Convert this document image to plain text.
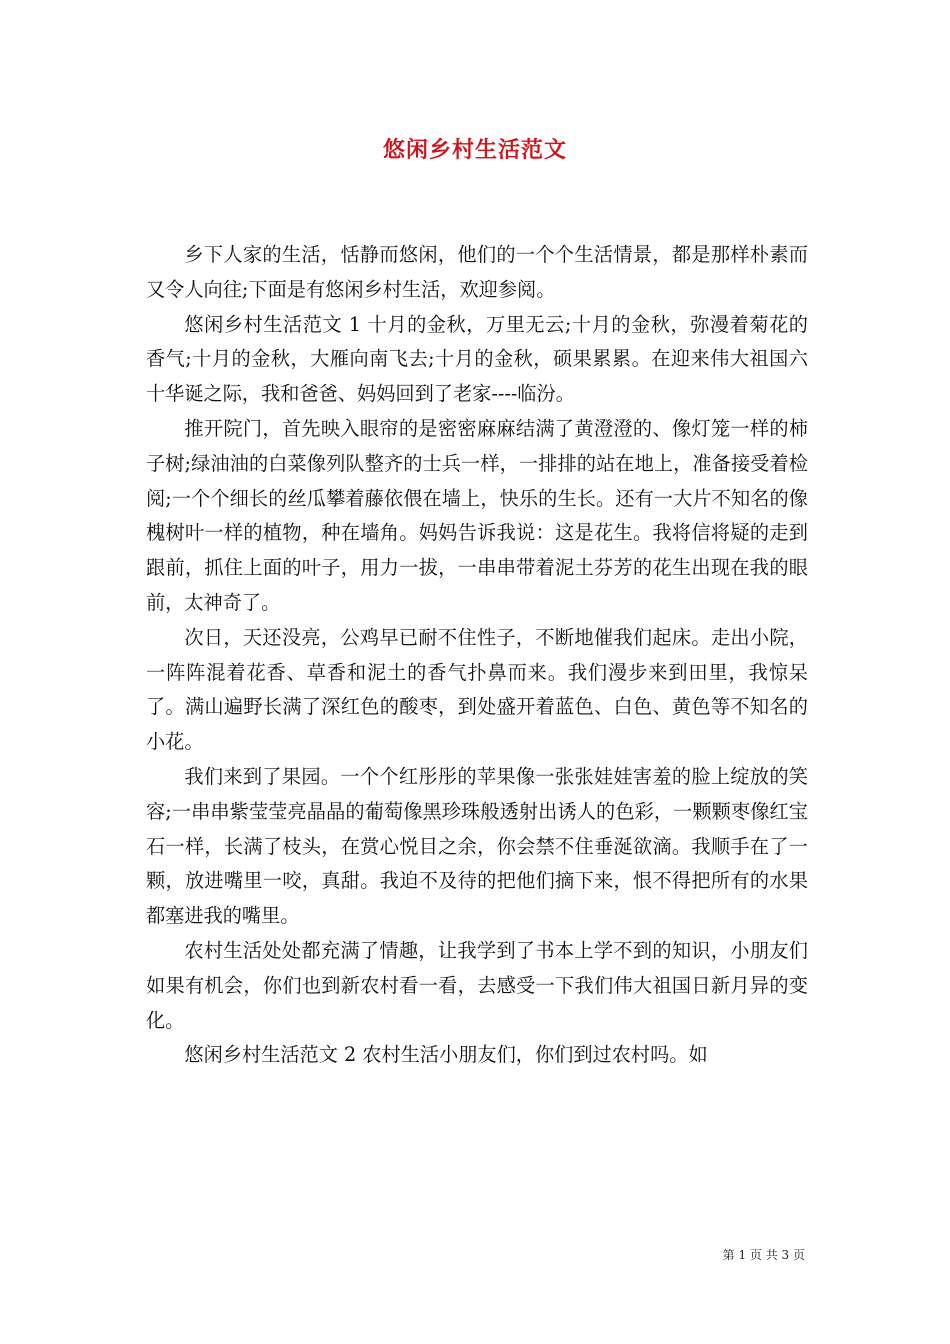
悠闲乡村生活范文

乡下人家的生活，恬静而悠闲，他们的一个个生活情景，都是那样朴素而又令人向往;下面是有悠闲乡村生活，欢迎参阅。

悠闲乡村生活范文 1 十月的金秋，万里无云;十月的金秋，弥漫着菊花的香气;十月的金秋，大雁向南飞去;十月的金秋，硕果累累。在迎来伟大祖国六十华诞之际，我和爸爸、妈妈回到了老家----临汾。

推开院门，首先映入眼帘的是密密麻麻结满了黄澄澄的、像灯笼一样的柿子树;绿油油的白菜像列队整齐的士兵一样，一排排的站在地上，准备接受着检阅;一个个细长的丝瓜攀着藤依偎在墙上，快乐的生长。还有一大片不知名的像槐树叶一样的植物，种在墙角。妈妈告诉我说：这是花生。我将信将疑的走到跟前，抓住上面的叶子，用力一拔，一串串带着泥土芬芳的花生出现在我的眼前，太神奇了。

次日，天还没亮，公鸡早已耐不住性子，不断地催我们起床。走出小院，一阵阵混着花香、草香和泥土的香气扑鼻而来。我们漫步来到田里，我惊呆了。满山遍野长满了深红色的酸枣，到处盛开着蓝色、白色、黄色等不知名的小花。

我们来到了果园。一个个红彤彤的苹果像一张张娃娃害羞的脸上绽放的笑容;一串串紫莹莹亮晶晶的葡萄像黑珍珠般透射出诱人的色彩，一颗颗枣像红宝石一样，长满了枝头，在赏心悦目之余，你会禁不住垂涎欲滴。我顺手在了一颗，放进嘴里一咬，真甜。我迫不及待的把他们摘下来，恨不得把所有的水果都塞进我的嘴里。

农村生活处处都充满了情趣，让我学到了书本上学不到的知识，小朋友们如果有机会，你们也到新农村看一看，去感受一下我们伟大祖国日新月异的变化。

悠闲乡村生活范文 2 农村生活小朋友们，你们到过农村吗。如

第 1 页 共 3 页
